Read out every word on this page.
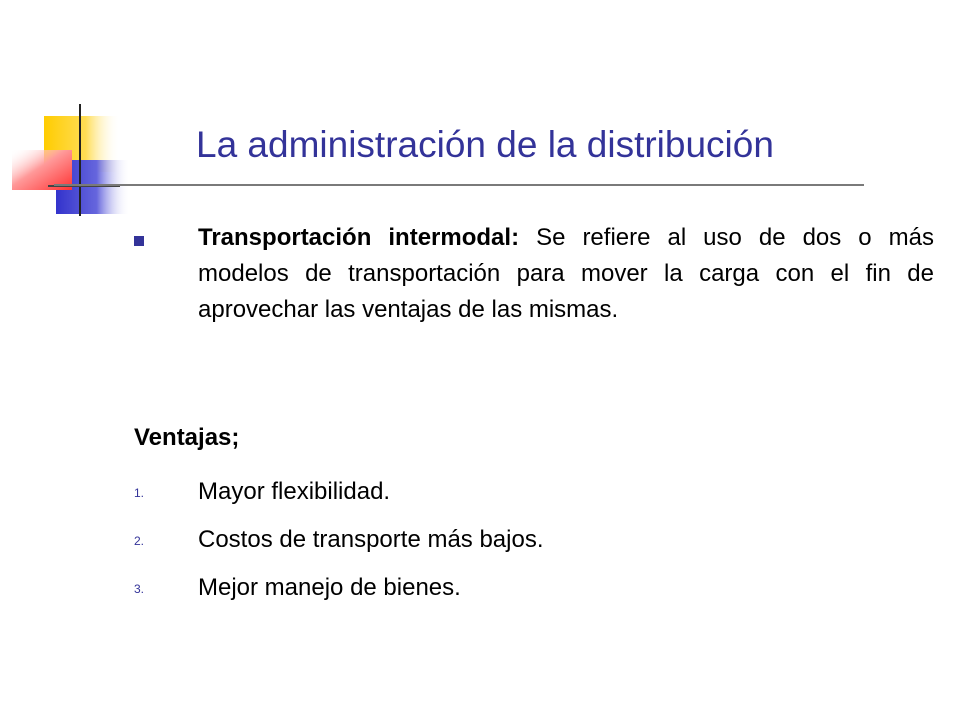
La administración de la distribución

Transportación intermodal: Se refiere al uso de dos o más modelos de transportación para mover la carga con el fin de aprovechar las ventajas de las mismas.

Ventajas;
1. Mayor flexibilidad.
2. Costos de transporte más bajos.
3. Mejor manejo de bienes.
